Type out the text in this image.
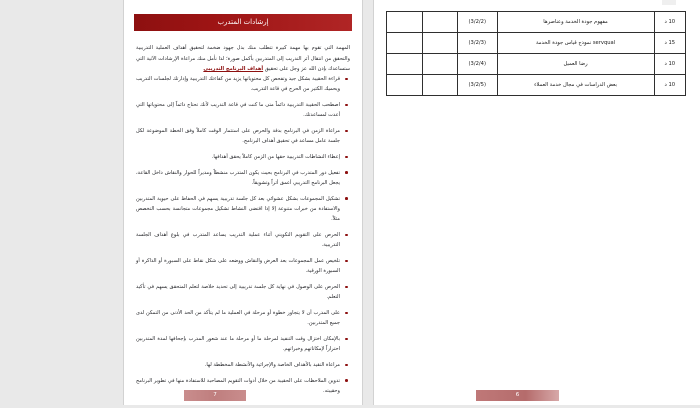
إرشادات المتدرب

المهمة التي تقوم بها مهمة كبيرة تتطلب منك بذل جهود ضخمة لتحقيق أهداف العملية التدريبية والتحقق من انتقال أثر التدريب إلى المتدربين بأكمل صورة؛ لذا نأمل منك مراعاة الإرشادات الآتية التي ستساعدك بإذن الله عز وجل على تحقيق أهداف البرنامج التدريبي

قراءة الحقيبة بشكل جيد وتفحص كل محتوياتها يزيد من كفاءتك التدريبية وإدارتك لجلسات التدريب ويحميك الكثير من الحرج في قاعة التدريب.
اصطحب الحقيبة التدريبية دائماً متى ما كنت في قاعة التدريب لأنك تحتاج دائماً إلى محتوياتها التي أعدت لمساعدتك.
مراعاة الزمن في البرنامج بدقة والحرص على استثمار الوقت كاملاً وفق الخطة الموضوعة لكل جلسة عامل مساعد في تحقيق أهداف البرنامج.
إعطاء النشاطات التدريبية حقها من الزمن كاملاً يحقق أهدافها.
تفعيل دور المتدرب في البرنامج بحيث يكون المتدرب منشطاً ومديراً للحوار والنقاش داخل القاعة، يجعل البرنامج التدريبي أعمق أثراً وتشويقاً.
تشكيل المجموعات بشكل عشوائي بعد كل جلسة تدريبية يسهم في الحفاظ على حيوية المتدربين والاستفادة من خبرات متنوعة إلا إذا اقتضى النشاط تشكيل مجموعات متجانسة بحسب التخصص مثلاً.
الحرص على التقويم التكويني أثناء عملية التدريب يساعد المتدرب في بلوغ أهداف الجلسة التدريبية.
تلخيص عمل المجموعات بعد العرض والنقاش ووضعه على شكل نقاط على السبورة أو الذاكرة أو السبورة الورقية.
الحرص على الوصول في نهاية كل جلسة تدريبية إلى تحديد خلاصة لتعلم المتحقق يسهم في تأكيد التعلم.
على المدرب أن لا يتجاوز خطوة أو مرحلة في العملية ما لم يتأكد من الحد الأدنى من التمكن لدى جميع المتدربين.
بالإمكان اختزال وقت التنفيذ لمرحلة ما أو مرحلة ما عند شعور المدرب بإجحافها لمدة المتدربين احترازاً لإمكاناتهم وخبراتهم.
مراعاة التقيد بالأهداف الخاصة والإجرائية والأنشطة المخططة لها.
تدوين الملاحظات على الحقيبة من خلال أدوات التقويم المصاحبة للاستفادة منها في تطوير البرنامج وحقيبته.
7
10 د	مفهوم جودة الخدمة وعناصرها	(3/2/2)		
15 د	نموذج قياس جودة الخدمة servqual	(3/2/3)		
10 د	رضا العميل	(3/2/4)		
10 د	بعض الدراسات في مجال خدمة العملاء	(3/2/5)		
6
